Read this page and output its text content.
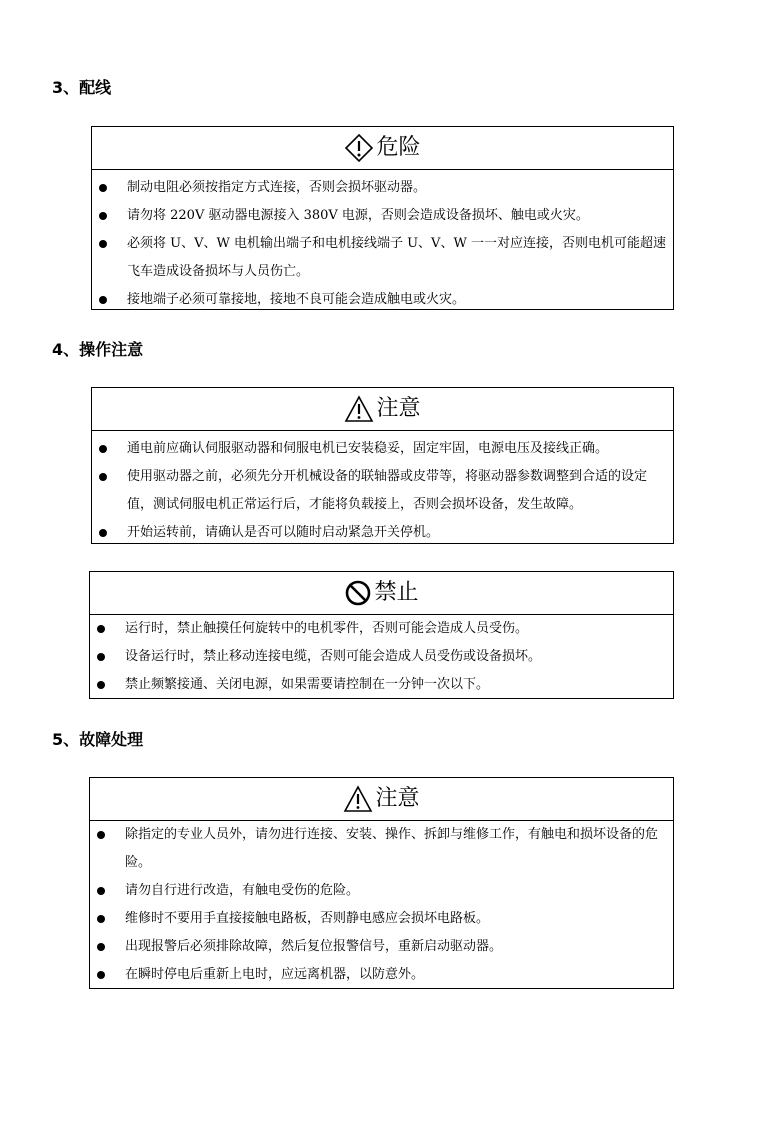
3、配线
危险
制动电阻必须按指定方式连接，否则会损坏驱动器。
请勿将 220V 驱动器电源接入 380V 电源，否则会造成设备损坏、触电或火灾。
必须将 U、V、W 电机输出端子和电机接线端子 U、V、W 一一对应连接，否则电机可能超速飞车造成设备损坏与人员伤亡。
接地端子必须可靠接地，接地不良可能会造成触电或火灾。
4、操作注意
注意
通电前应确认伺服驱动器和伺服电机已安装稳妥，固定牢固，电源电压及接线正确。
使用驱动器之前，必须先分开机械设备的联轴器或皮带等，将驱动器参数调整到合适的设定值，测试伺服电机正常运行后，才能将负载接上，否则会损坏设备，发生故障。
开始运转前，请确认是否可以随时启动紧急开关停机。
禁止
运行时，禁止触摸任何旋转中的电机零件，否则可能会造成人员受伤。
设备运行时，禁止移动连接电缆，否则可能会造成人员受伤或设备损坏。
禁止频繁接通、关闭电源，如果需要请控制在一分钟一次以下。
5、故障处理
注意
除指定的专业人员外，请勿进行连接、安装、操作、拆卸与维修工作，有触电和损坏设备的危险。
请勿自行进行改造，有触电受伤的危险。
维修时不要用手直接接触电路板，否则静电感应会损坏电路板。
出现报警后必须排除故障，然后复位报警信号，重新启动驱动器。
在瞬时停电后重新上电时，应远离机器，以防意外。
